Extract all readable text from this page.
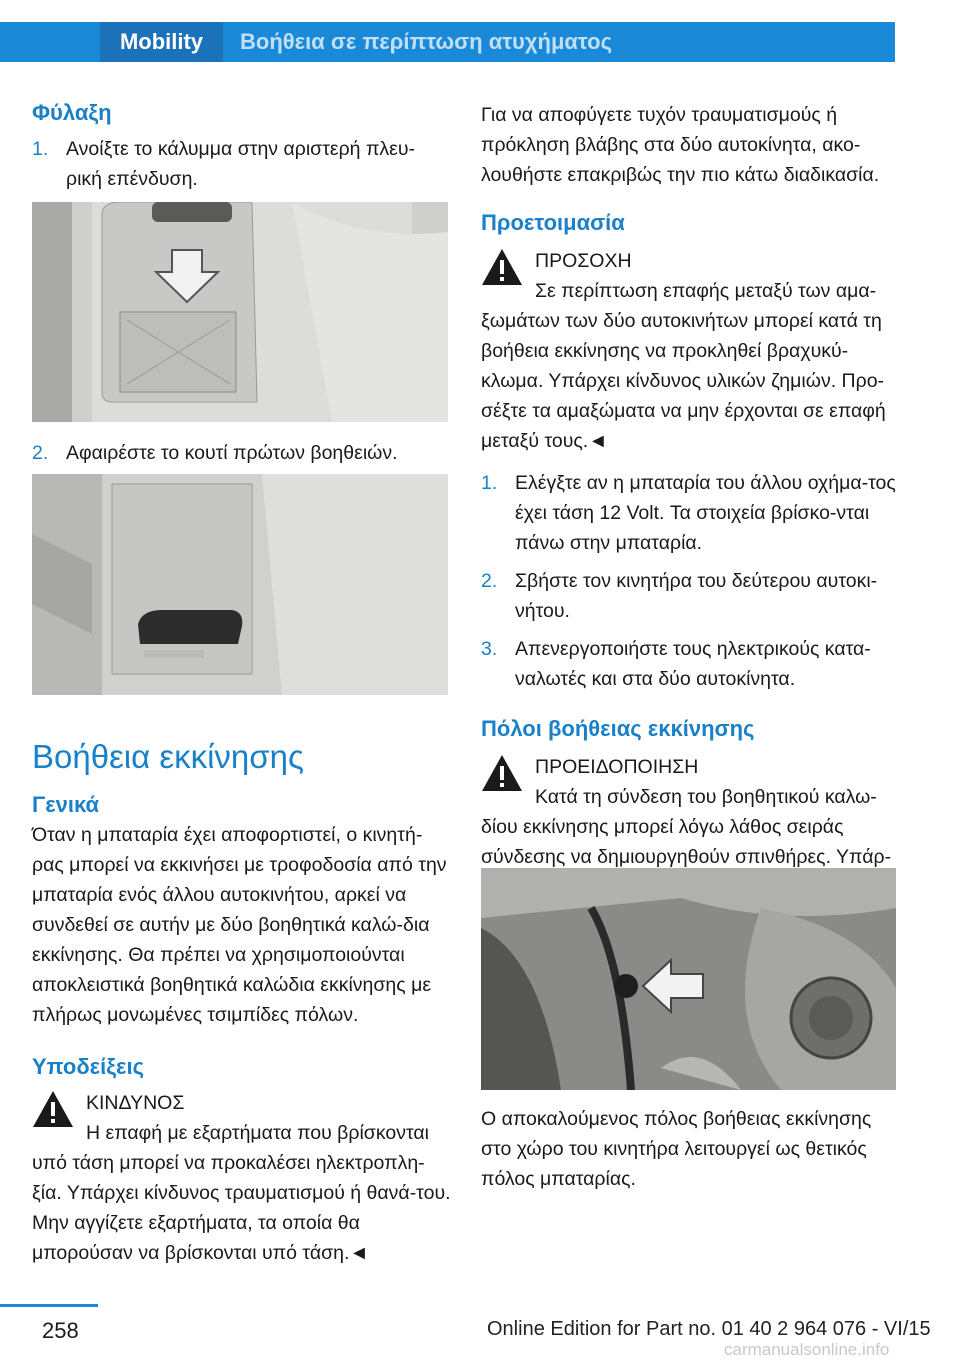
Mobility	Βοήθεια σε περίπτωση ατυχήματος
Φύλαξη
1. Ανοίξτε το κάλυμμα στην αριστερή πλευ-ρική επένδυση.
2. Αφαιρέστε το κουτί πρώτων βοηθειών.
Βοήθεια εκκίνησης
Γενικά
Όταν η μπαταρία έχει αποφορτιστεί, ο κινητή-ρας μπορεί να εκκινήσει με τροφοδοσία από την μπαταρία ενός άλλου αυτοκινήτου, αρκεί να συνδεθεί σε αυτήν με δύο βοηθητικά καλώ-δια εκκίνησης. Θα πρέπει να χρησιμοποιούνται αποκλειστικά βοηθητικά καλώδια εκκίνησης με πλήρως μονωμένες τσιμπίδες πόλων.
Υποδείξεις
ΚΙΝΔΥΝΟΣ
Η επαφή με εξαρτήματα που βρίσκονται
υπό τάση μπορεί να προκαλέσει ηλεκτροπλη-ξία. Υπάρχει κίνδυνος τραυματισμού ή θανά-του. Μην αγγίζετε εξαρτήματα, τα οποία θα μπορούσαν να βρίσκονται υπό τάση.◄
Για να αποφύγετε τυχόν τραυματισμούς ή πρόκληση βλάβης στα δύο αυτοκίνητα, ακο-λουθήστε επακριβώς την πιο κάτω διαδικασία.
Προετοιμασία
ΠΡΟΣΟΧΗ
Σε περίπτωση επαφής μεταξύ των αμα-
ξωμάτων των δύο αυτοκινήτων μπορεί κατά τη βοήθεια εκκίνησης να προκληθεί βραχυκύ-κλωμα. Υπάρχει κίνδυνος υλικών ζημιών. Προ-σέξτε τα αμαξώματα να μην έρχονται σε επαφή μεταξύ τους.◄
1. Ελέγξτε αν η μπαταρία του άλλου οχήμα-τος έχει τάση 12 Volt. Τα στοιχεία βρίσκο-νται πάνω στην μπαταρία.
2. Σβήστε τον κινητήρα του δεύτερου αυτοκι-νήτου.
3. Απενεργοποιήστε τους ηλεκτρικούς κατα-ναλωτές και στα δύο αυτοκίνητα.
Πόλοι βοήθειας εκκίνησης
ΠΡΟΕΙΔΟΠΟΙΗΣΗ
Κατά τη σύνδεση του βοηθητικού καλω-
δίου εκκίνησης μπορεί λόγω λάθος σειράς σύνδεσης να δημιουργηθούν σπινθήρες. Υπάρ-
Ο αποκαλούμενος πόλος βοήθειας εκκίνησης στο χώρο του κινητήρα λειτουργεί ως θετικός πόλος μπαταρίας.
258	Online Edition for Part no. 01 40 2 964 076 - VI/15
carmanualsonline.info
